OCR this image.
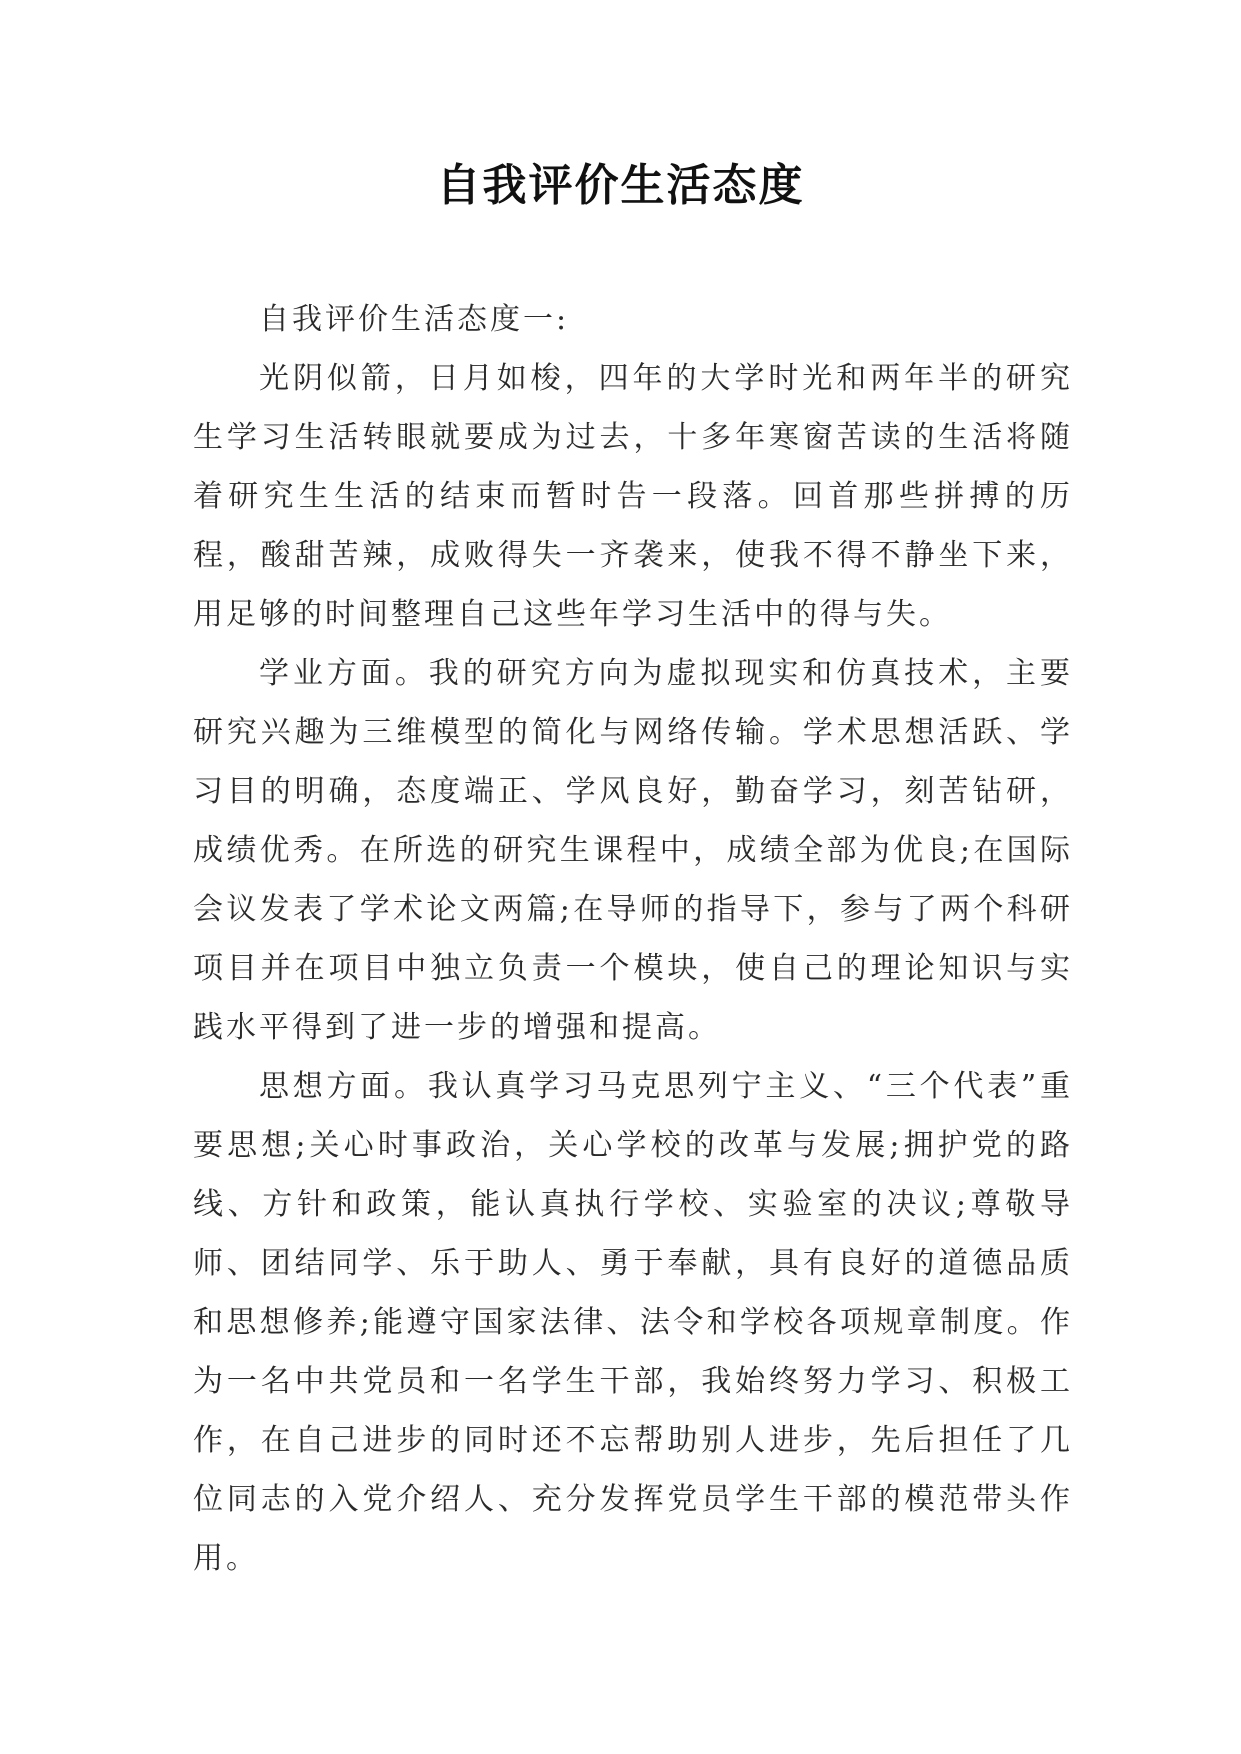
自我评价生活态度

自我评价生活态度一:

光阴似箭，日月如梭，四年的大学时光和两年半的研究生学习生活转眼就要成为过去，十多年寒窗苦读的生活将随着研究生生活的结束而暂时告一段落。回首那些拼搏的历程，酸甜苦辣，成败得失一齐袭来，使我不得不静坐下来，用足够的时间整理自己这些年学习生活中的得与失。

学业方面。我的研究方向为虚拟现实和仿真技术，主要研究兴趣为三维模型的简化与网络传输。学术思想活跃、学习目的明确，态度端正、学风良好，勤奋学习，刻苦钻研，成绩优秀。在所选的研究生课程中，成绩全部为优良;在国际会议发表了学术论文两篇;在导师的指导下，参与了两个科研项目并在项目中独立负责一个模块，使自己的理论知识与实践水平得到了进一步的增强和提高。

思想方面。我认真学习马克思列宁主义、“三个代表”重要思想;关心时事政治，关心学校的改革与发展;拥护党的路线、方针和政策，能认真执行学校、实验室的决议;尊敬导师、团结同学、乐于助人、勇于奉献，具有良好的道德品质和思想修养;能遵守国家法律、法令和学校各项规章制度。作为一名中共党员和一名学生干部，我始终努力学习、积极工作，在自己进步的同时还不忘帮助别人进步，先后担任了几位同志的入党介绍人、充分发挥党员学生干部的模范带头作用。
